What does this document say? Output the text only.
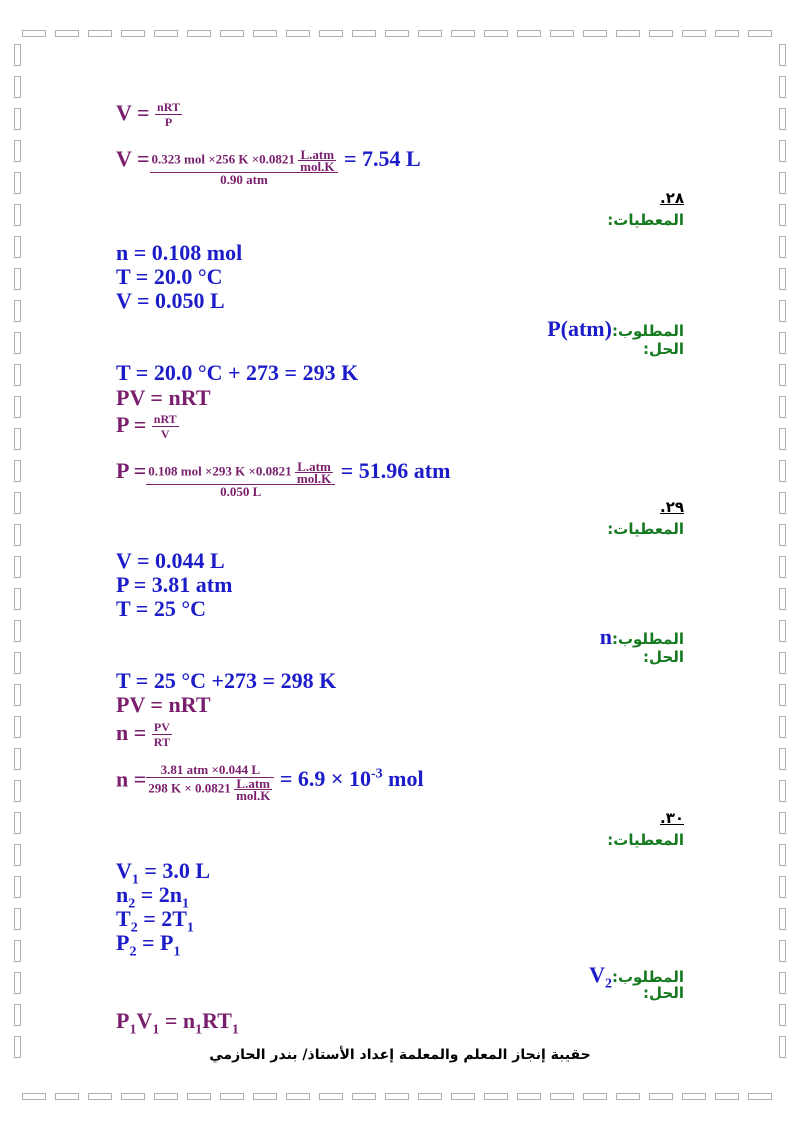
$V = \frac{\text{nRT}}{P}$
$V = \frac{0.323 mol \times 256 K \times 0.0821 \frac{\text{L.atm}}{\text{mol.K}}}{\text{0.90 atm}} = 7.54$ L
.٢٨
المعطيات:
n = 0.108 mol
T = 20.0 °C
V = 0.050 L
المطلوب:P(atm)
الحل:
T = 20.0 °C + 273 = 293 K
PV = nRT
$P = \frac{\text{nRT}}{V}$
$P = \frac{0.108 mol \times 293 K \times 0.0821 \frac{\text{L.atm}}{\text{mol.K}}}{0.050 L} = 51.96$ atm
.٢٩
المعطيات:
V = 0.044 L
P = 3.81 atm
T = 25 °C
المطلوب:n
الحل:
T = 25 °C +273 = 298 K
PV = nRT
$n = \frac{PV}{RT}$
$n = \frac{\text{3.81 atm ×0.044 L}}{298 K \times 0.0821 \frac{\text{L.atm}}{\text{mol.K}}} = 6.9 \times 10^{-3}$ mol
.٣٠
المعطيات:
$V_1 = 3.0$ L
$n_2 = 2n_1$
$T_2 = 2T_1$
$P_2 = P_1$
$المطلوب:V_2$
الحل:
$P_1V_1 = n_1RT_1$
حقيبة إنجاز المعلم والمعلمة إعداد الأستاذ/ بندر الحازمي
